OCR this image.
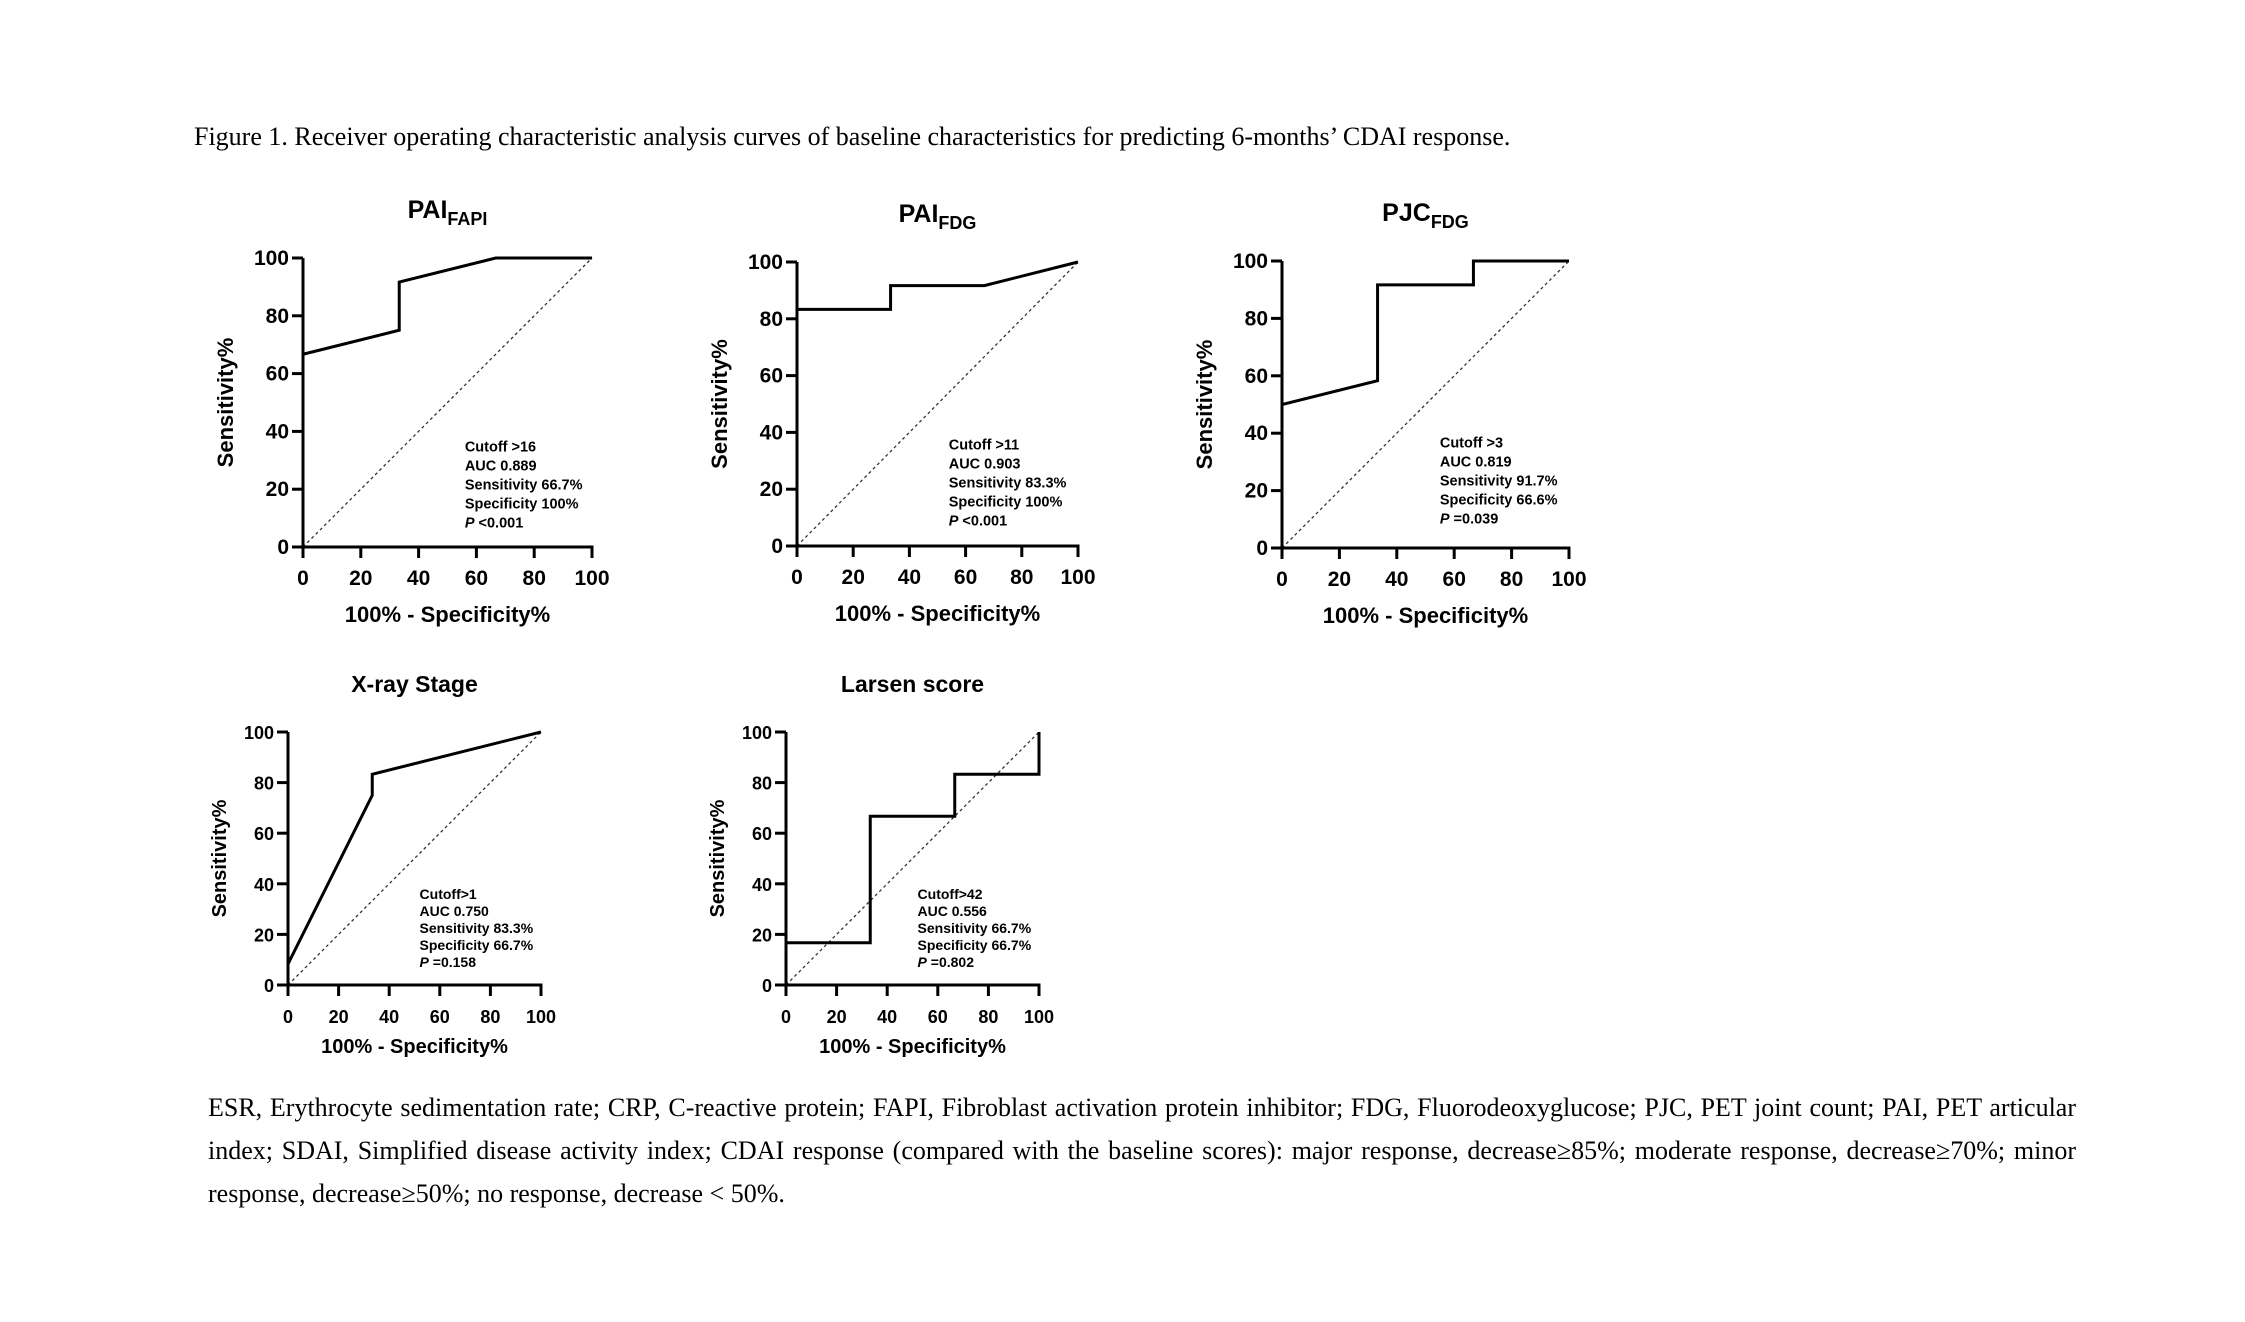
Figure 1. Receiver operating characteristic analysis curves of baseline characteristics for predicting 6-months’ CDAI response.
$PAI_{FAPI}$
0 20 40 60 80 100
0
20
40
60
80
100
100% - Specificity%
Sensitivity%	Cutoff >16
AUC 0.889
Sensitivity 66.7%
Specificity 100%
P <0.001
$PAI_{FDG}$
0 20 40 60 80 100
0
20
40
60
80
100
100% - Specificity%
Sensitivity%	Cutoff >11
AUC 0.903
Sensitivity 83.3%
Specificity 100%
P <0.001
$PJC_{FDG}$
0 20 40 60 80 100
0
20
40
60
80
100
100% - Specificity%
Sensitivity%	Cutoff >3
AUC 0.819
Sensitivity 91.7%
Specificity 66.6%
P =0.039
X-ray Stage
0 20 40 60 80 100
0
20
40
60
80
100
100% - Specificity%
Sensitivity%	Cutoff>1
AUC 0.750
Sensitivity 83.3%
Specificity 66.7%
P =0.158
Larsen score
0 20 40 60 80 100
0
20
40
60
80
100
100% - Specificity%
Sensitivity%	Cutoff>42
AUC 0.556
Sensitivity 66.7%
Specificity 66.7%
P =0.802
ESR, Erythrocyte sedimentation rate; CRP, C-reactive protein; FAPI, Fibroblast activation protein inhibitor; FDG, Fluorodeoxyglucose; PJC, PET joint count; PAI, PET articular index; SDAI, Simplified disease activity index; CDAI response (compared with the baseline scores): major response, decrease≥85%; moderate response, decrease≥70%; minor response, decrease≥50%; no response, decrease < 50%.
